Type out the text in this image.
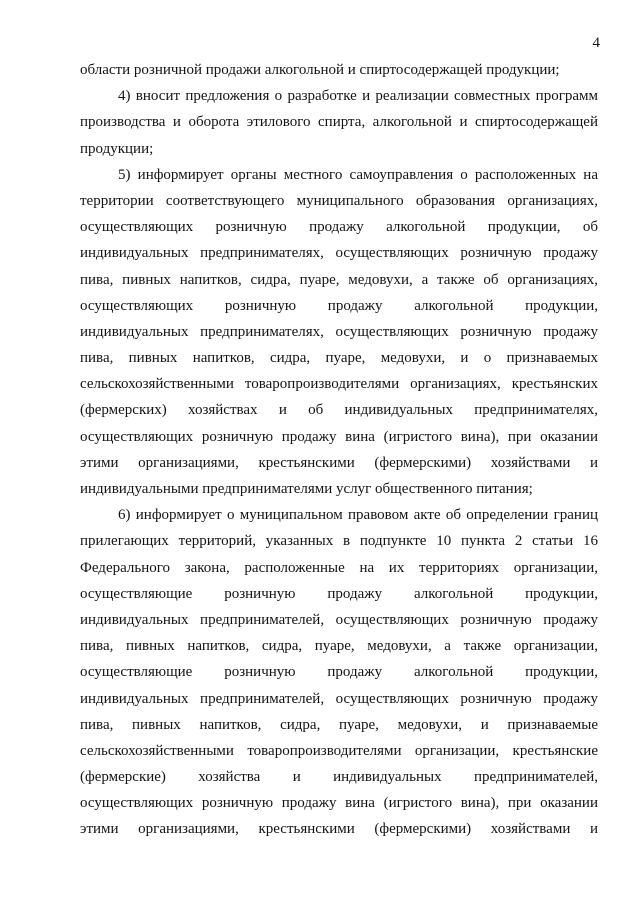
4
области розничной продажи алкогольной и спиртосодержащей продукции;
4) вносит предложения о разработке и реализации совместных программ
производства и оборота этилового спирта, алкогольной и спиртосодержащей
продукции;
5) информирует органы местного самоуправления о расположенных на
территории соответствующего муниципального образования организациях,
осуществляющих розничную продажу алкогольной продукции, об
индивидуальных предпринимателях, осуществляющих розничную продажу
пива, пивных напитков, сидра, пуаре, медовухи, а также об организациях,
осуществляющих розничную продажу алкогольной продукции,
индивидуальных предпринимателях, осуществляющих розничную продажу
пива, пивных напитков, сидра, пуаре, медовухи, и о признаваемых
сельскохозяйственными товаропроизводителями организациях, крестьянских
(фермерских) хозяйствах и об индивидуальных предпринимателях,
осуществляющих розничную продажу вина (игристого вина), при оказании
этими организациями, крестьянскими (фермерскими) хозяйствами и
индивидуальными предпринимателями услуг общественного питания;
6) информирует о муниципальном правовом акте об определении границ
прилегающих территорий, указанных в подпункте 10 пункта 2 статьи 16
Федерального закона, расположенные на их территориях организации,
осуществляющие розничную продажу алкогольной продукции,
индивидуальных предпринимателей, осуществляющих розничную продажу
пива, пивных напитков, сидра, пуаре, медовухи, а также организации,
осуществляющие розничную продажу алкогольной продукции,
индивидуальных предпринимателей, осуществляющих розничную продажу
пива, пивных напитков, сидра, пуаре, медовухи, и признаваемые
сельскохозяйственными товаропроизводителями организации, крестьянские
(фермерские) хозяйства и индивидуальных предпринимателей,
осуществляющих розничную продажу вина (игристого вина), при оказании
этими организациями, крестьянскими (фермерскими) хозяйствами и
